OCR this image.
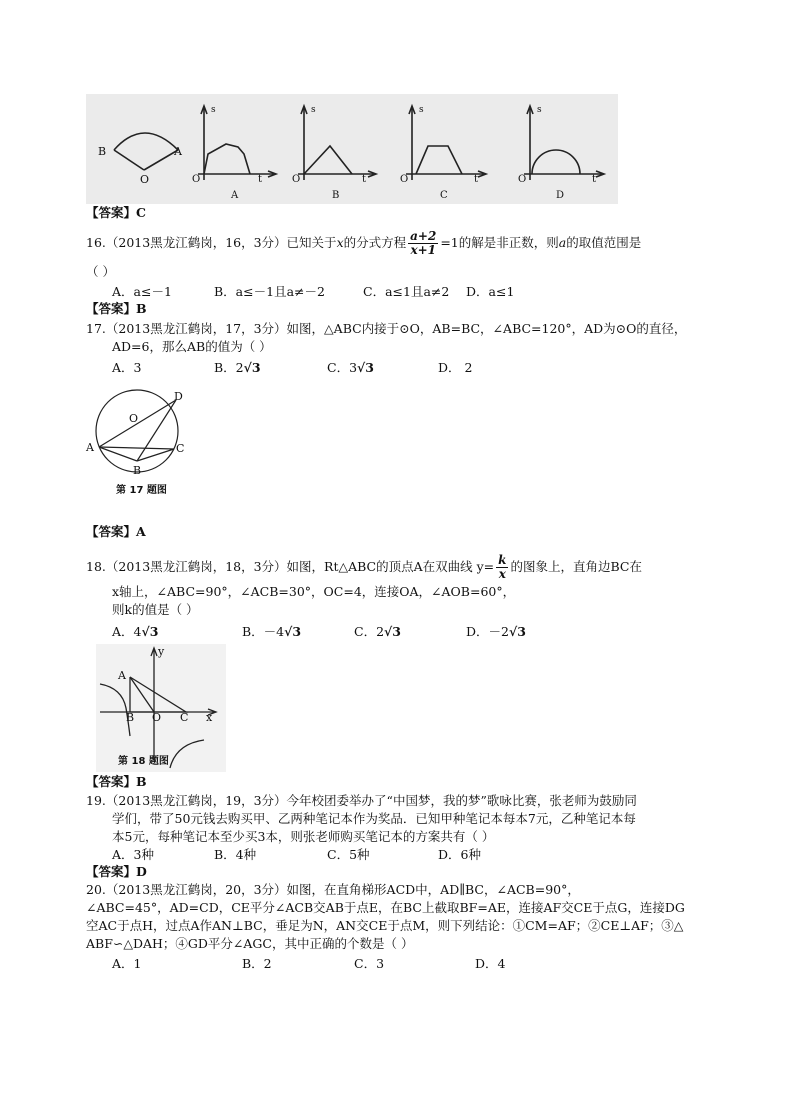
B	A
O
s	s	s	s
O	O	O	O
t	t	t	t
A	B	C	D
【答案】C
16.（2013黑龙江鹤岗，16，3分）已知关于x的分式方程 $\frac{a+2}{x+1} =1$的解是非正数，则a的取值范围是
（ ）
A．a≤－1	B．a≤－1且a≠－2	C．a≤1且a≠2 D．a≤1
【答案】B
17.（2013黑龙江鹤岗，17，3分）如图，△ABC内接于⊙O，AB=BC，∠ABC=120°，AD为⊙O的直径，
AD=6，那么AB的值为（ ）
A．3	B．2√3	C．3√3	D． 2
A
B
C
D
O
第 17 题图
【答案】A
18.（2013黑龙江鹤岗，18，3分）如图，Rt△ABC的顶点A在双曲线 $y= \frac{k}{x}$ 的图象上，直角边BC在
x轴上，∠ABC=90°，∠ACB=30°，OC=4，连接OA，∠AOB=60°，
则k的值是（ ）
A．4√3	B．－4√3	C．2√3	D．－2√3
A
B O C x
y
第 18 题图
【答案】B
19.（2013黑龙江鹤岗，19，3分）今年校团委举办了“中国梦，我的梦”歌咏比赛，张老师为鼓励同
学们，带了50元钱去购买甲、乙两种笔记本作为奖品．已知甲种笔记本每本7元，乙种笔记本每
本5元，每种笔记本至少买3本，则张老师购买笔记本的方案共有（ ）
A．3种	B．4种	C．5种	D．6种
【答案】D
20.（2013黑龙江鹤岗，20，3分）如图，在直角梯形ACD中，AD∥BC，∠ACB=90°，
∠ABC=45°，AD=CD，CE平分∠ACB交AB于点E，在BC上截取BF=AE，连接AF交CE于点G，连接DG
空AC于点H，过点A作AN⊥BC，垂足为N，AN交CE于点M，则下列结论：①CM=AF；②CE⊥AF；③△
ABF∽△DAH；④GD平分∠AGC，其中正确的个数是（ ）
A．1	B．2	C．3	D．4
